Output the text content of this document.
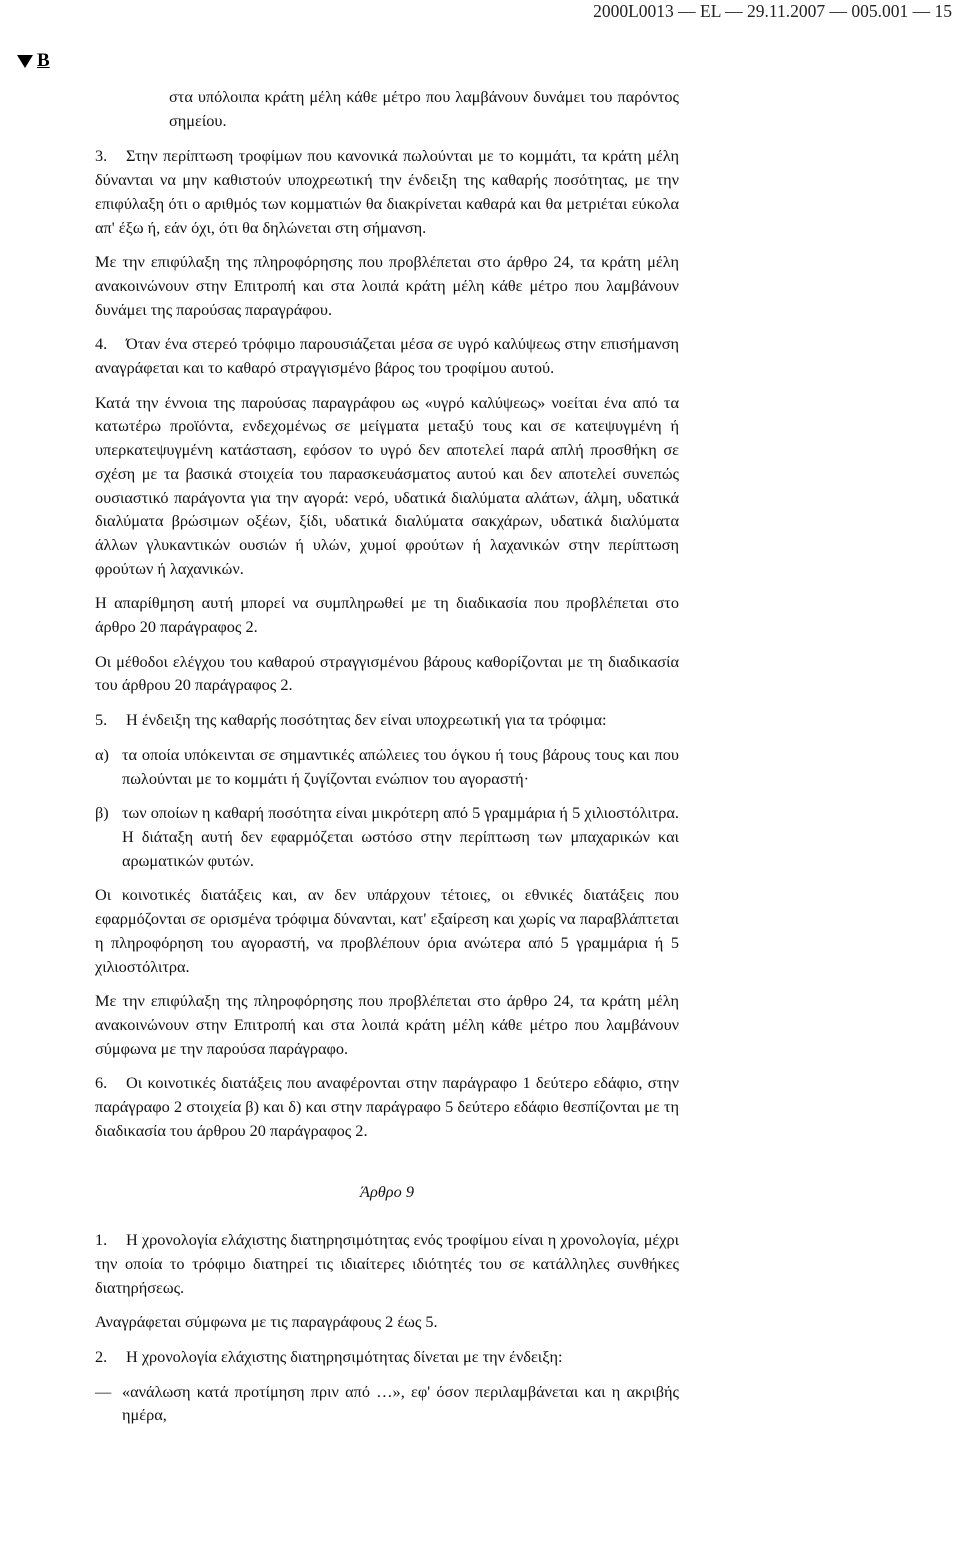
2000L0013 — EL — 29.11.2007 — 005.001 — 15
B

στα υπόλοιπα κράτη μέλη κάθε μέτρο που λαμβάνουν δυνάμει του παρόντος σημείου.

3. Στην περίπτωση τροφίμων που κανονικά πωλούνται με το κομμάτι, τα κράτη μέλη δύνανται να μην καθιστούν υποχρεωτική την ένδειξη της καθαρής ποσότητας, με την επιφύλαξη ότι ο αριθμός των κομματιών θα διακρίνεται καθαρά και θα μετριέται εύκολα απ' έξω ή, εάν όχι, ότι θα δηλώνεται στη σήμανση.

Με την επιφύλαξη της πληροφόρησης που προβλέπεται στο άρθρο 24, τα κράτη μέλη ανακοινώνουν στην Επιτροπή και στα λοιπά κράτη μέλη κάθε μέτρο που λαμβάνουν δυνάμει της παρούσας παραγράφου.

4. Όταν ένα στερεό τρόφιμο παρουσιάζεται μέσα σε υγρό καλύψεως στην επισήμανση αναγράφεται και το καθαρό στραγγισμένο βάρος του τροφίμου αυτού.

Κατά την έννοια της παρούσας παραγράφου ως «υγρό καλύψεως» νοείται ένα από τα κατωτέρω προϊόντα, ενδεχομένως σε μείγματα μεταξύ τους και σε κατεψυγμένη ή υπερκατεψυγμένη κατάσταση, εφόσον το υγρό δεν αποτελεί παρά απλή προσθήκη σε σχέση με τα βασικά στοιχεία του παρασκευάσματος αυτού και δεν αποτελεί συνεπώς ουσιαστικό παράγοντα για την αγορά: νερό, υδατικά διαλύματα αλάτων, άλμη, υδατικά διαλύματα βρώσιμων οξέων, ξίδι, υδατικά διαλύματα σακχάρων, υδατικά διαλύματα άλλων γλυκαντικών ουσιών ή υλών, χυμοί φρούτων ή λαχανικών στην περίπτωση φρούτων ή λαχανικών.

Η απαρίθμηση αυτή μπορεί να συμπληρωθεί με τη διαδικασία που προβλέπεται στο άρθρο 20 παράγραφος 2.

Οι μέθοδοι ελέγχου του καθαρού στραγγισμένου βάρους καθορίζονται με τη διαδικασία του άρθρου 20 παράγραφος 2.

5. Η ένδειξη της καθαρής ποσότητας δεν είναι υποχρεωτική για τα τρόφιμα:

α) τα οποία υπόκεινται σε σημαντικές απώλειες του όγκου ή τους βάρους τους και που πωλούνται με το κομμάτι ή ζυγίζονται ενώπιον του αγοραστή·
β) των οποίων η καθαρή ποσότητα είναι μικρότερη από 5 γραμμάρια ή 5 χιλιοστόλιτρα. Η διάταξη αυτή δεν εφαρμόζεται ωστόσο στην περίπτωση των μπαχαρικών και αρωματικών φυτών.

Οι κοινοτικές διατάξεις και, αν δεν υπάρχουν τέτοιες, οι εθνικές διατάξεις που εφαρμόζονται σε ορισμένα τρόφιμα δύνανται, κατ' εξαίρεση και χωρίς να παραβλάπτεται η πληροφόρηση του αγοραστή, να προβλέπουν όρια ανώτερα από 5 γραμμάρια ή 5 χιλιοστόλιτρα.

Με την επιφύλαξη της πληροφόρησης που προβλέπεται στο άρθρο 24, τα κράτη μέλη ανακοινώνουν στην Επιτροπή και στα λοιπά κράτη μέλη κάθε μέτρο που λαμβάνουν σύμφωνα με την παρούσα παράγραφο.

6. Οι κοινοτικές διατάξεις που αναφέρονται στην παράγραφο 1 δεύτερο εδάφιο, στην παράγραφο 2 στοιχεία β) και δ) και στην παράγραφο 5 δεύτερο εδάφιο θεσπίζονται με τη διαδικασία του άρθρου 20 παράγραφος 2.

Άρθρο 9

1. Η χρονολογία ελάχιστης διατηρησιμότητας ενός τροφίμου είναι η χρονολογία, μέχρι την οποία το τρόφιμο διατηρεί τις ιδιαίτερες ιδιότητές του σε κατάλληλες συνθήκες διατηρήσεως.

Αναγράφεται σύμφωνα με τις παραγράφους 2 έως 5.

2. Η χρονολογία ελάχιστης διατηρησιμότητας δίνεται με την ένδειξη:

— «ανάλωση κατά προτίμηση πριν από …», εφ' όσον περιλαμβάνεται και η ακριβής ημέρα,
